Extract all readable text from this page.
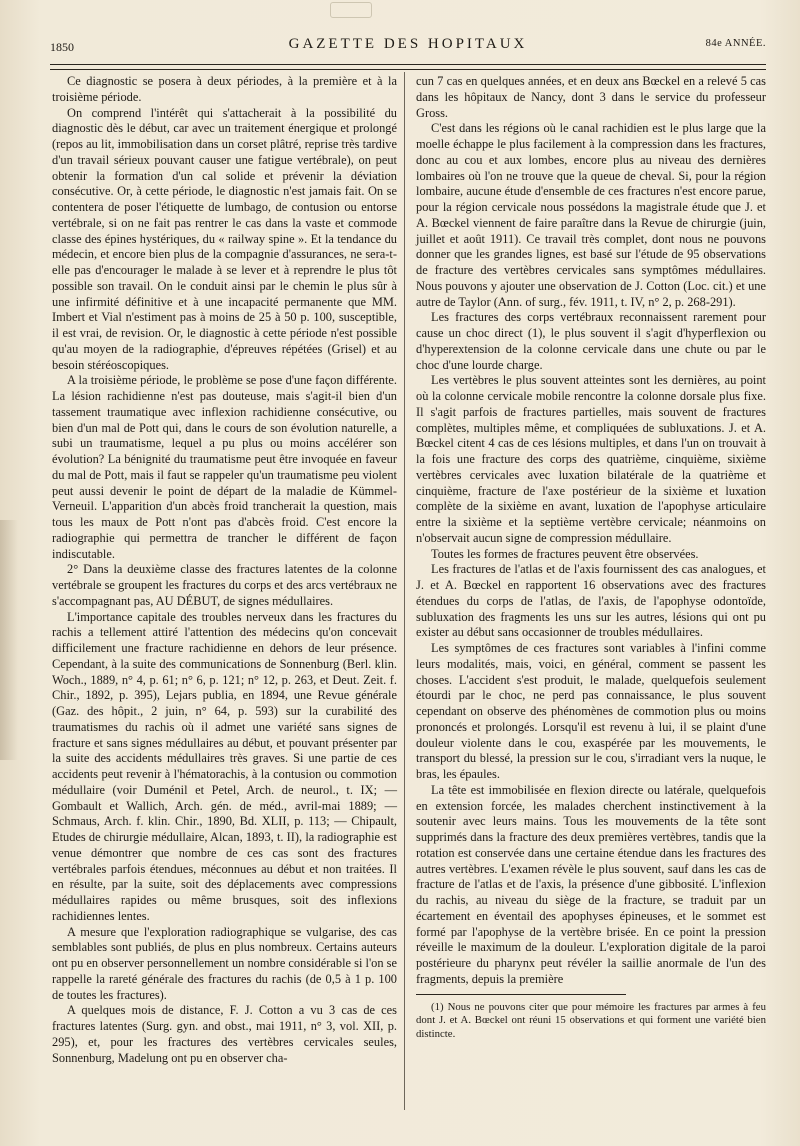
1850	GAZETTE DES HOPITAUX	84e ANNÉE.

Ce diagnostic se posera à deux périodes, à la première et à la troisième période.

On comprend l'intérêt qui s'attacherait à la possibilité du diagnostic dès le début, car avec un traitement énergique et prolongé (repos au lit, immobilisation dans un corset plâtré, reprise très tardive d'un travail sérieux pouvant causer une fatigue vertébrale), on peut obtenir la formation d'un cal solide et prévenir la déviation consécutive. Or, à cette période, le diagnostic n'est jamais fait. On se contentera de poser l'étiquette de lumbago, de contusion ou entorse vertébrale, si on ne fait pas rentrer le cas dans la vaste et commode classe des épines hystériques, du « railway spine ». Et la tendance du médecin, et encore bien plus de la compagnie d'assurances, ne sera-t-elle pas d'encourager le malade à se lever et à reprendre le plus tôt possible son travail. On le conduit ainsi par le chemin le plus sûr à une infirmité définitive et à une incapacité permanente que MM. Imbert et Vial n'estiment pas à moins de 25 à 50 p. 100, susceptible, il est vrai, de revision. Or, le diagnostic à cette période n'est possible qu'au moyen de la radiographie, d'épreuves répétées (Grisel) et au besoin stéréoscopiques.

A la troisième période, le problème se pose d'une façon différente. La lésion rachidienne n'est pas douteuse, mais s'agit-il bien d'un tassement traumatique avec inflexion rachidienne consécutive, ou bien d'un mal de Pott qui, dans le cours de son évolution naturelle, a subi un traumatisme, lequel a pu plus ou moins accélérer son évolution? La bénignité du traumatisme peut être invoquée en faveur du mal de Pott, mais il faut se rappeler qu'un traumatisme peu violent peut aussi devenir le point de départ de la maladie de Kümmel-Verneuil. L'apparition d'un abcès froid trancherait la question, mais tous les maux de Pott n'ont pas d'abcès froid. C'est encore la radiographie qui permettra de trancher le différent de façon indiscutable.

2° Dans la deuxième classe des fractures latentes de la colonne vertébrale se groupent les fractures du corps et des arcs vertébraux ne s'accompagnant pas, AU DÉBUT, de signes médullaires.

L'importance capitale des troubles nerveux dans les fractures du rachis a tellement attiré l'attention des médecins qu'on concevait difficilement une fracture rachidienne en dehors de leur présence. Cependant, à la suite des communications de Sonnenburg (Berl. klin. Woch., 1889, n° 4, p. 61; n° 6, p. 121; n° 12, p. 263, et Deut. Zeit. f. Chir., 1892, p. 395), Lejars publia, en 1894, une Revue générale (Gaz. des hôpit., 2 juin, n° 64, p. 593) sur la curabilité des traumatismes du rachis où il admet une variété sans signes de fracture et sans signes médullaires au début, et pouvant présenter par la suite des accidents médullaires très graves. Si une partie de ces accidents peut revenir à l'hématorachis, à la contusion ou commotion médullaire (voir Duménil et Petel, Arch. de neurol., t. IX; — Gombault et Wallich, Arch. gén. de méd., avril-mai 1889; — Schmaus, Arch. f. klin. Chir., 1890, Bd. XLII, p. 113; — Chipault, Etudes de chirurgie médullaire, Alcan, 1893, t. II), la radiographie est venue démontrer que nombre de ces cas sont des fractures vertébrales parfois étendues, méconnues au début et non traitées. Il en résulte, par la suite, soit des déplacements avec compressions médullaires rapides ou même brusques, soit des inflexions rachidiennes lentes.

A mesure que l'exploration radiographique se vulgarise, des cas semblables sont publiés, de plus en plus nombreux. Certains auteurs ont pu en observer personnellement un nombre considérable si l'on se rappelle la rareté générale des fractures du rachis (de 0,5 à 1 p. 100 de toutes les fractures).

A quelques mois de distance, F. J. Cotton a vu 3 cas de ces fractures latentes (Surg. gyn. and obst., mai 1911, n° 3, vol. XII, p. 295), et, pour les fractures des vertèbres cervicales seules, Sonnenburg, Madelung ont pu en observer cha-

cun 7 cas en quelques années, et en deux ans Bœckel en a relevé 5 cas dans les hôpitaux de Nancy, dont 3 dans le service du professeur Gross.

C'est dans les régions où le canal rachidien est le plus large que la moelle échappe le plus facilement à la compression dans les fractures, donc au cou et aux lombes, encore plus au niveau des dernières lombaires où l'on ne trouve que la queue de cheval. Si, pour la région lombaire, aucune étude d'ensemble de ces fractures n'est encore parue, pour la région cervicale nous possédons la magistrale étude que J. et A. Bœckel viennent de faire paraître dans la Revue de chirurgie (juin, juillet et août 1911). Ce travail très complet, dont nous ne pouvons donner que les grandes lignes, est basé sur l'étude de 95 observations de fracture des vertèbres cervicales sans symptômes médullaires. Nous pouvons y ajouter une observation de J. Cotton (Loc. cit.) et une autre de Taylor (Ann. of surg., fév. 1911, t. IV, n° 2, p. 268-291).

Les fractures des corps vertébraux reconnaissent rarement pour cause un choc direct (1), le plus souvent il s'agit d'hyperflexion ou d'hyperextension de la colonne cervicale dans une chute ou par le choc d'une lourde charge.

Les vertèbres le plus souvent atteintes sont les dernières, au point où la colonne cervicale mobile rencontre la colonne dorsale plus fixe. Il s'agit parfois de fractures partielles, mais souvent de fractures complètes, multiples même, et compliquées de subluxations. J. et A. Bœckel citent 4 cas de ces lésions multiples, et dans l'un on trouvait à la fois une fracture des corps des quatrième, cinquième, sixième vertèbres cervicales avec luxation bilatérale de la quatrième et cinquième, fracture de l'axe postérieur de la sixième et luxation complète de la sixième en avant, luxation de l'apophyse articulaire entre la sixième et la septième vertèbre cervicale; néanmoins on n'observait aucun signe de compression médullaire.

Toutes les formes de fractures peuvent être observées.

Les fractures de l'atlas et de l'axis fournissent des cas analogues, et J. et A. Bœckel en rapportent 16 observations avec des fractures étendues du corps de l'atlas, de l'axis, de l'apophyse odontoïde, subluxation des fragments les uns sur les autres, lésions qui ont pu exister au début sans occasionner de troubles médullaires.

Les symptômes de ces fractures sont variables à l'infini comme leurs modalités, mais, voici, en général, comment se passent les choses. L'accident s'est produit, le malade, quelquefois seulement étourdi par le choc, ne perd pas connaissance, le plus souvent cependant on observe des phénomènes de commotion plus ou moins prononcés et prolongés. Lorsqu'il est revenu à lui, il se plaint d'une douleur violente dans le cou, exaspérée par les mouvements, le transport du blessé, la pression sur le cou, s'irradiant vers la nuque, le bras, les épaules.

La tête est immobilisée en flexion directe ou latérale, quelquefois en extension forcée, les malades cherchent instinctivement à la soutenir avec leurs mains. Tous les mouvements de la tête sont supprimés dans la fracture des deux premières vertèbres, tandis que la rotation est conservée dans une certaine étendue dans les fractures des autres vertèbres. L'examen révèle le plus souvent, sauf dans les cas de fracture de l'atlas et de l'axis, la présence d'une gibbosité. L'inflexion du rachis, au niveau du siège de la fracture, se traduit par un écartement en éventail des apophyses épineuses, et le sommet est formé par l'apophyse de la vertèbre brisée. En ce point la pression réveille le maximum de la douleur. L'exploration digitale de la paroi postérieure du pharynx peut révéler la saillie anormale de l'un des fragments, depuis la première

(1) Nous ne pouvons citer que pour mémoire les fractures par armes à feu dont J. et A. Bœckel ont réuni 15 observations et qui forment une variété bien distincte.
